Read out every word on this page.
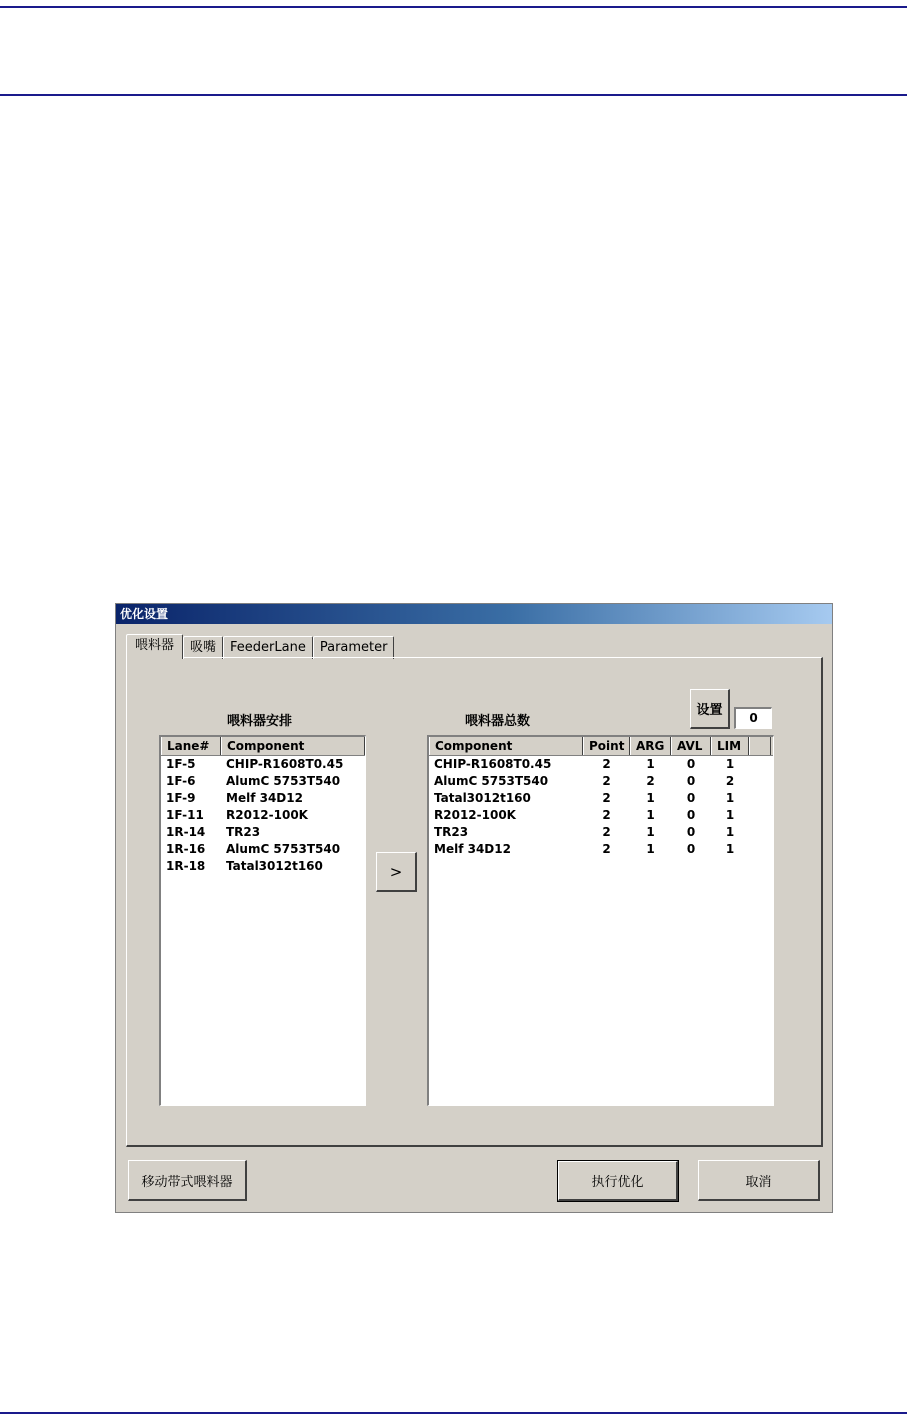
优化设置
喂料器	吸嘴	FeederLane	Parameter
喂料器安排	喂料器总数
设置	0
Lane#	Component
1F-5	CHIP-R1608T0.45
1F-6	AlumC 5753T540
1F-9	Melf 34D12
1F-11	R2012-100K
1R-14	TR23
1R-16	AlumC 5753T540
1R-18	Tatal3012t160	>
Component	Point ARG	AVL	LIM
CHIP-R1608T0.45	2	1	0	1
AlumC 5753T540	2	2	0	2
Tatal3012t160	2	1	0	1
R2012-100K	2	1	0	1
TR23	2	1	0	1
Melf 34D12	2	1	0	1
移动带式喂料器	执行优化	取消
